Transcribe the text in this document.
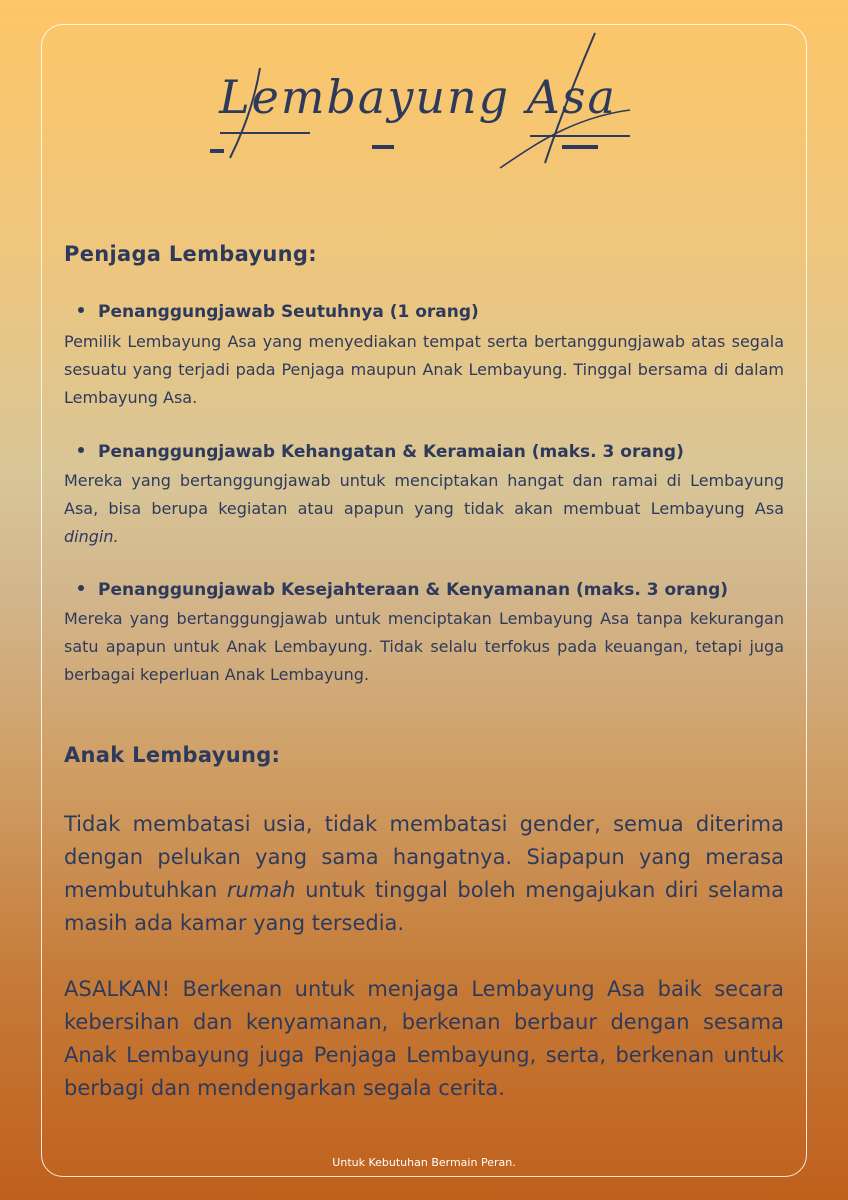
Lembayung Asa
Penjaga Lembayung:

Penanggungjawab Seutuhnya (1 orang)

Pemilik Lembayung Asa yang menyediakan tempat serta bertanggungjawab atas segala sesuatu yang terjadi pada Penjaga maupun Anak Lembayung. Tinggal bersama di dalam Lembayung Asa.

Penanggungjawab Kehangatan & Keramaian (maks. 3 orang)

Mereka yang bertanggungjawab untuk menciptakan hangat dan ramai di Lembayung Asa, bisa berupa kegiatan atau apapun yang tidak akan membuat Lembayung Asa dingin.

Penanggungjawab Kesejahteraan & Kenyamanan (maks. 3 orang)

Mereka yang bertanggungjawab untuk menciptakan Lembayung Asa tanpa kekurangan satu apapun untuk Anak Lembayung. Tidak selalu terfokus pada keuangan, tetapi juga berbagai keperluan Anak Lembayung.

Anak Lembayung:

Tidak membatasi usia, tidak membatasi gender, semua diterima dengan pelukan yang sama hangatnya. Siapapun yang merasa membutuhkan rumah untuk tinggal boleh mengajukan diri selama masih ada kamar yang tersedia.

ASALKAN! Berkenan untuk menjaga Lembayung Asa baik secara kebersihan dan kenyamanan, berkenan berbaur dengan sesama Anak Lembayung juga Penjaga Lembayung, serta, berkenan untuk berbagi dan mendengarkan segala cerita.

Untuk Kebutuhan Bermain Peran.
